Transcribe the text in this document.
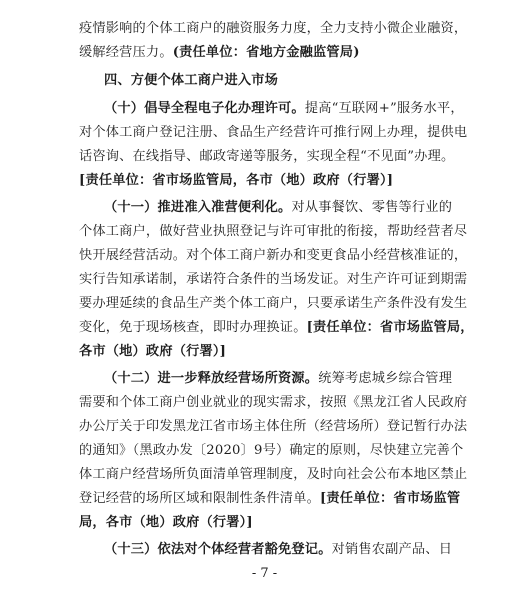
疫情影响的个体工商户的融资服务力度，全力支持小微企业融资，
缓解经营压力。(责任单位：省地方金融监管局)
四、方便个体工商户进入市场
（十）倡导全程电子化办理许可。提高“互联网+”服务水平，
对个体工商户登记注册、食品生产经营许可推行网上办理，提供电
话咨询、在线指导、邮政寄递等服务，实现全程“不见面”办理。
[责任单位：省市场监管局，各市（地）政府（行署）]
（十一）推进准入准营便利化。对从事餐饮、零售等行业的
个体工商户，做好营业执照登记与许可审批的衔接，帮助经营者尽
快开展经营活动。对个体工商户新办和变更食品小经营核准证的，
实行告知承诺制，承诺符合条件的当场发证。对生产许可证到期需
要办理延续的食品生产类个体工商户，只要承诺生产条件没有发生
变化，免于现场核查，即时办理换证。[责任单位：省市场监管局，
各市（地）政府（行署）]
（十二）进一步释放经营场所资源。统筹考虑城乡综合管理
需要和个体工商户创业就业的现实需求，按照《黑龙江省人民政府
办公厅关于印发黑龙江省市场主体住所（经营场所）登记暂行办法
的通知》（黑政办发〔2020〕9号）确定的原则，尽快建立完善个
体工商户经营场所负面清单管理制度，及时向社会公布本地区禁止
登记经营的场所区域和限制性条件清单。[责任单位：省市场监管
局，各市（地）政府（行署）]
（十三）依法对个体经营者豁免登记。对销售农副产品、日
- 7 -
